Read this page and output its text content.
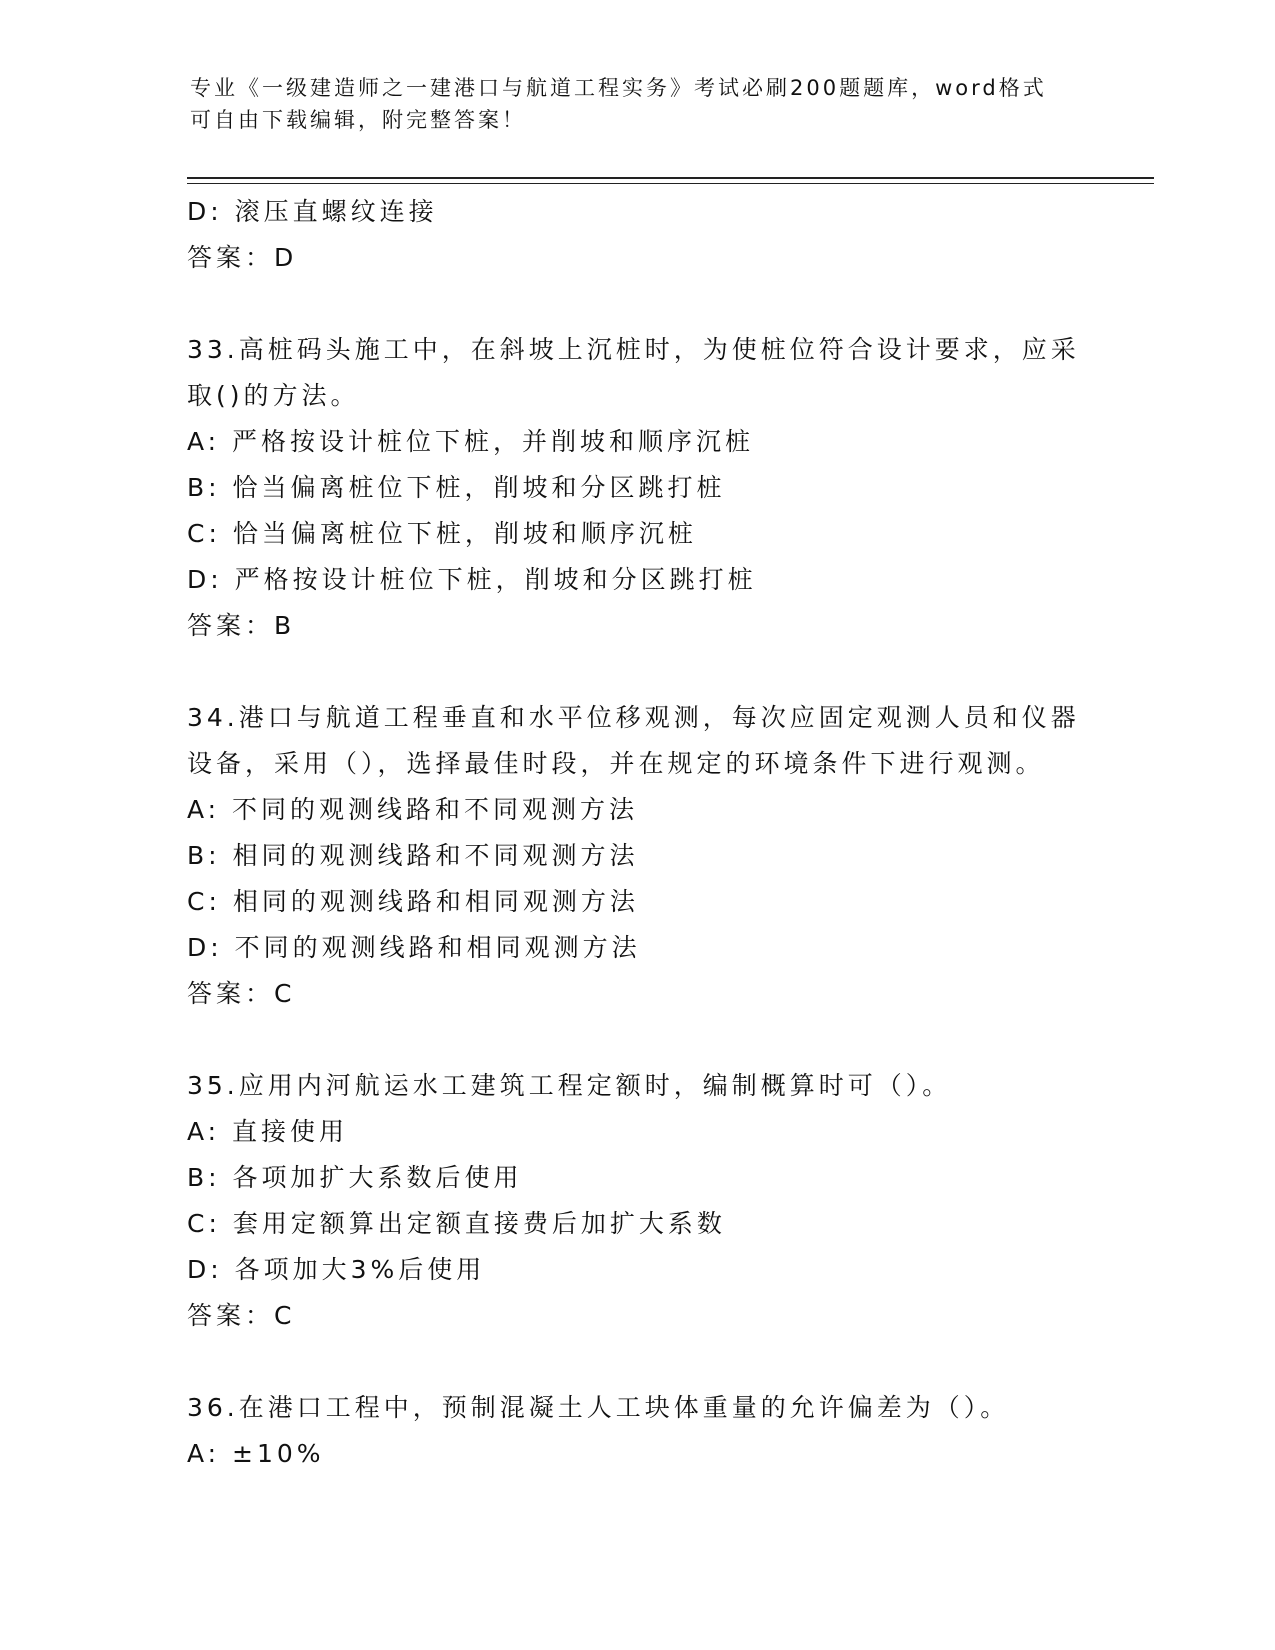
专业《一级建造师之一建港口与航道工程实务》考试必刷200题题库，word格式
可自由下载编辑，附完整答案！
D: 滚压直螺纹连接
答案：D
33.高桩码头施工中，在斜坡上沉桩时，为使桩位符合设计要求，应采
取()的方法。
A: 严格按设计桩位下桩，并削坡和顺序沉桩
B: 恰当偏离桩位下桩，削坡和分区跳打桩
C: 恰当偏离桩位下桩，削坡和顺序沉桩
D: 严格按设计桩位下桩，削坡和分区跳打桩
答案：B
34.港口与航道工程垂直和水平位移观测，每次应固定观测人员和仪器
设备，采用（），选择最佳时段，并在规定的环境条件下进行观测。
A: 不同的观测线路和不同观测方法
B: 相同的观测线路和不同观测方法
C: 相同的观测线路和相同观测方法
D: 不同的观测线路和相同观测方法
答案：C
35.应用内河航运水工建筑工程定额时，编制概算时可（）。
A: 直接使用
B: 各项加扩大系数后使用
C: 套用定额算出定额直接费后加扩大系数
D: 各项加大3%后使用
答案：C
36.在港口工程中，预制混凝土人工块体重量的允许偏差为（）。
A: ±10%
